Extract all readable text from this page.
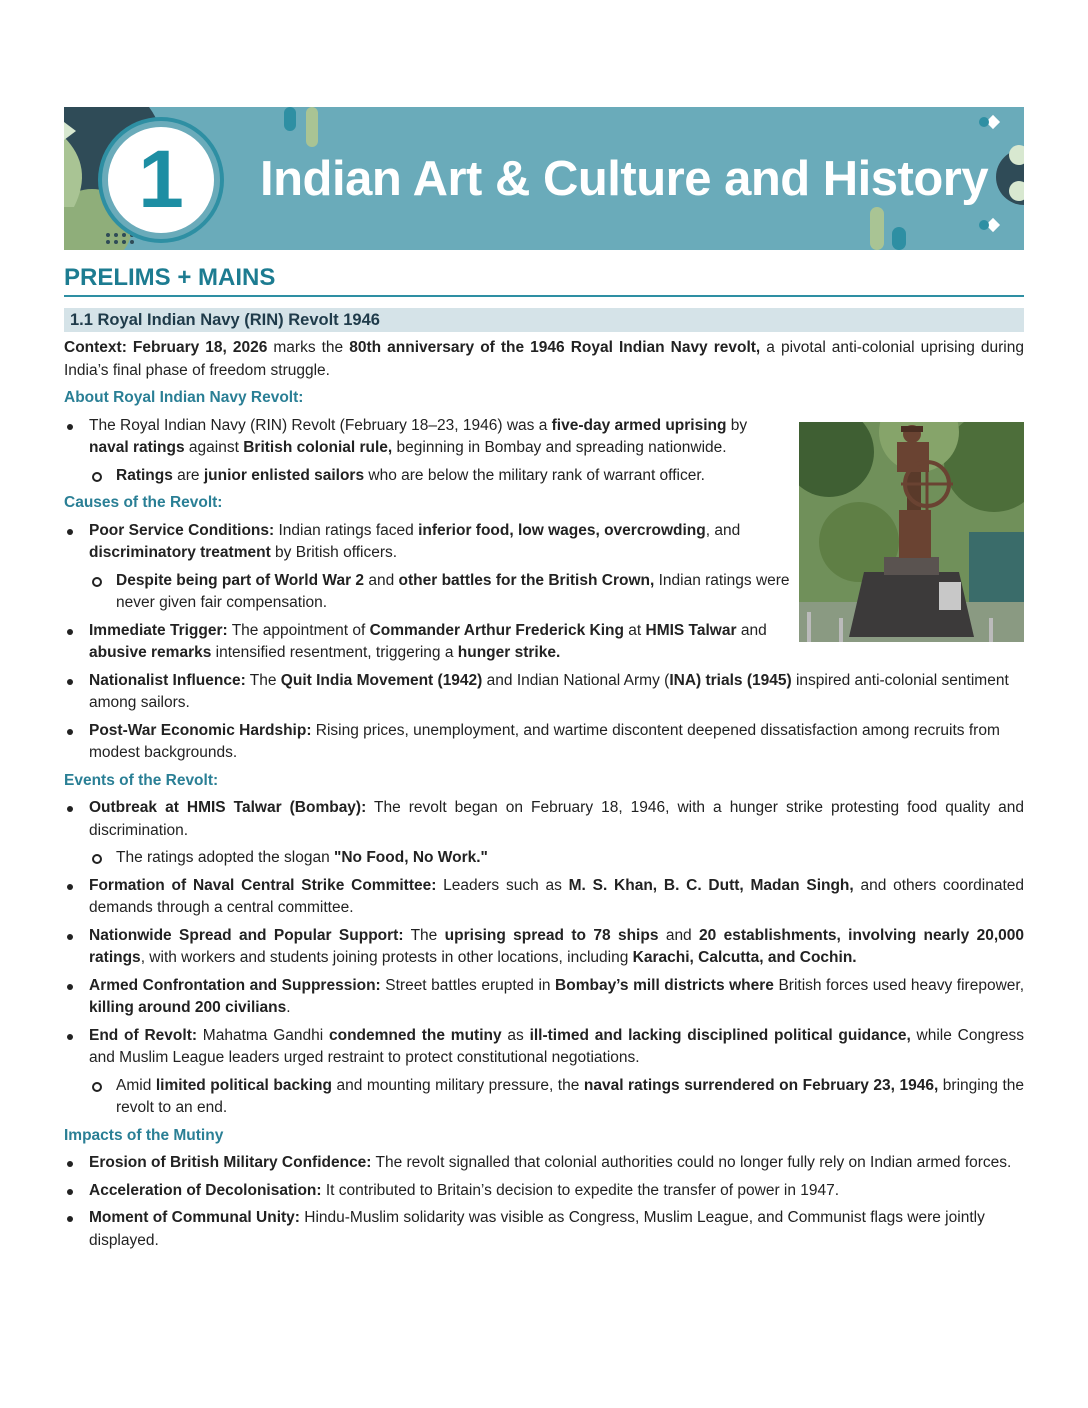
1 Indian Art & Culture and History
PRELIMS + MAINS
1.1 Royal Indian Navy (RIN) Revolt 1946

Context: February 18, 2026 marks the 80th anniversary of the 1946 Royal Indian Navy revolt, a pivotal anti-colonial uprising during India’s final phase of freedom struggle.

About Royal Indian Navy Revolt:
The Royal Indian Navy (RIN) Revolt (February 18–23, 1946) was a five-day armed uprising by naval ratings against British colonial rule, beginning in Bombay and spreading nationwide.
Ratings are junior enlisted sailors who are below the military rank of warrant officer.
Causes of the Revolt:
Poor Service Conditions: Indian ratings faced inferior food, low wages, overcrowding, and discriminatory treatment by British officers.
Despite being part of World War 2 and other battles for the British Crown, Indian ratings were never given fair compensation.
Immediate Trigger: The appointment of Commander Arthur Frederick King at HMIS Talwar and abusive remarks intensified resentment, triggering a hunger strike.
Nationalist Influence: The Quit India Movement (1942) and Indian National Army (INA) trials (1945) inspired anti-colonial sentiment among sailors.
Post-War Economic Hardship: Rising prices, unemployment, and wartime discontent deepened dissatisfaction among recruits from modest backgrounds.
Events of the Revolt:
Outbreak at HMIS Talwar (Bombay): The revolt began on February 18, 1946, with a hunger strike protesting food quality and discrimination.
The ratings adopted the slogan "No Food, No Work."
Formation of Naval Central Strike Committee: Leaders such as M. S. Khan, B. C. Dutt, Madan Singh, and others coordinated demands through a central committee.
Nationwide Spread and Popular Support: The uprising spread to 78 ships and 20 establishments, involving nearly 20,000 ratings, with workers and students joining protests in other locations, including Karachi, Calcutta, and Cochin.
Armed Confrontation and Suppression: Street battles erupted in Bombay’s mill districts where British forces used heavy firepower, killing around 200 civilians.
End of Revolt: Mahatma Gandhi condemned the mutiny as ill-timed and lacking disciplined political guidance, while Congress and Muslim League leaders urged restraint to protect constitutional negotiations.
Amid limited political backing and mounting military pressure, the naval ratings surrendered on February 23, 1946, bringing the revolt to an end.
Impacts of the Mutiny
Erosion of British Military Confidence: The revolt signalled that colonial authorities could no longer fully rely on Indian armed forces.
Acceleration of Decolonisation: It contributed to Britain’s decision to expedite the transfer of power in 1947.
Moment of Communal Unity: Hindu-Muslim solidarity was visible as Congress, Muslim League, and Communist flags were jointly displayed.
